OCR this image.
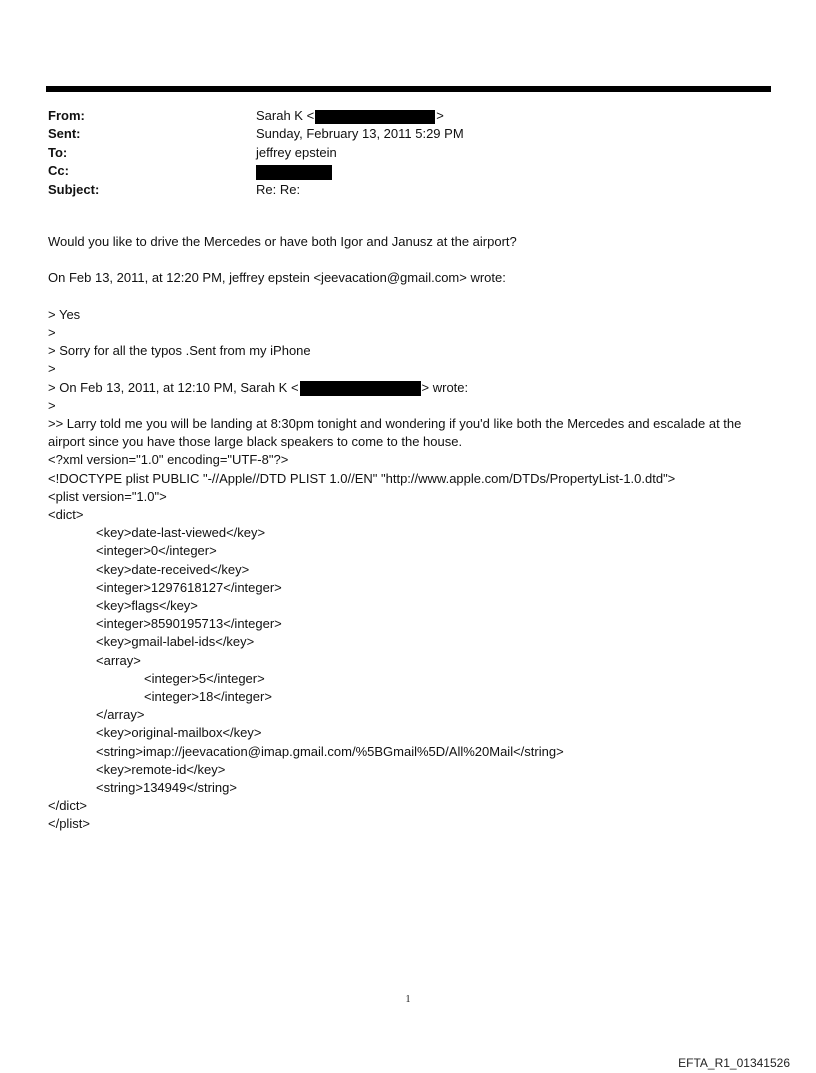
From:	Sarah K <	>
Sent:	Sunday, February 13, 2011 5:29 PM
To:	jeffrey epstein
Cc:
Subject:	Re: Re:
Would you like to drive the Mercedes or have both Igor and Janusz at the airport?
On Feb 13, 2011, at 12:20 PM, jeffrey epstein <jeevacation@gmail.com> wrote:
> Yes
>
> Sorry for all the typos .Sent from my iPhone
>
> On Feb 13, 2011, at 12:10 PM, Sarah K <	> wrote:
>
>> Larry told me you will be landing at 8:30pm tonight and wondering if you'd like both the Mercedes and escalade at the airport since you have those large black speakers to come to the house.
<?xml version="1.0" encoding="UTF-8"?>
<!DOCTYPE plist PUBLIC "-//Apple//DTD PLIST 1.0//EN" "http://www.apple.com/DTDs/PropertyList-1.0.dtd">
<plist version="1.0">
<dict>
<key>date-last-viewed</key>
<integer>0</integer>
<key>date-received</key>
<integer>1297618127</integer>
<key>flags</key>
<integer>8590195713</integer>
<key>gmail-label-ids</key>
<array>
<integer>5</integer>
<integer>18</integer>
</array>
<key>original-mailbox</key>
<string>imap://jeevacation@imap.gmail.com/%5BGmail%5D/All%20Mail</string>
<key>remote-id</key>
<string>134949</string>
</dict>
</plist>
1
EFTA_R1_01341526
